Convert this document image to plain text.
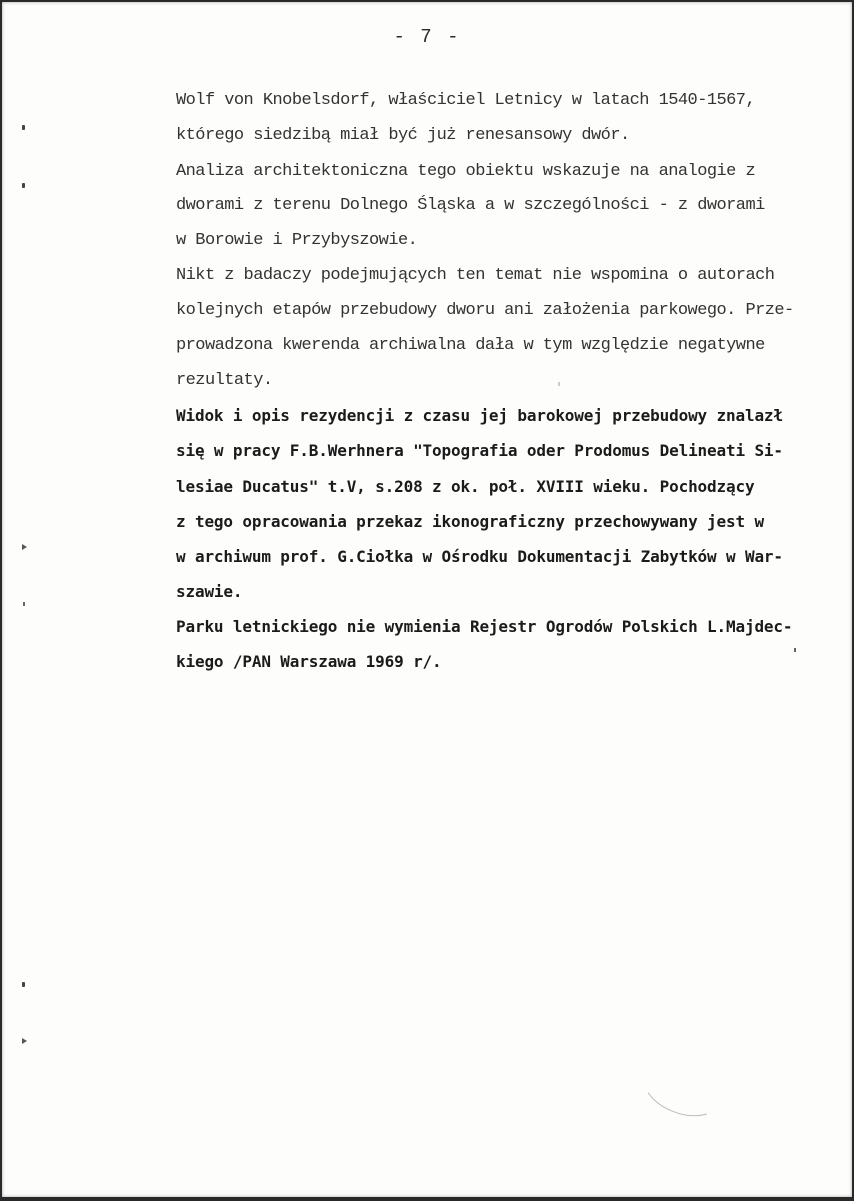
- 7 -
Wolf von Knobelsdorf, właściciel Letnicy w latach 1540-1567,
którego siedzibą miał być już renesansowy dwór.
Analiza architektoniczna tego obiektu wskazuje na analogie z
dworami z terenu Dolnego Śląska a w szczególności - z dworami
w Borowie i Przybyszowie.
Nikt z badaczy podejmujących ten temat nie wspomina o autorach
kolejnych etapów przebudowy dworu ani założenia parkowego. Prze-
prowadzona kwerenda archiwalna dała w tym względzie negatywne
rezultaty.
Widok i opis rezydencji z czasu jej barokowej przebudowy znalazł
się w pracy F.B.Werhnera "Topografia oder Prodomus Delineati Si-
lesiae Ducatus" t.V, s.208 z ok. poł. XVIII wieku. Pochodzący
z tego opracowania przekaz ikonograficzny przechowywany jest w
w archiwum prof. G.Ciołka w Ośrodku Dokumentacji Zabytków w War-
szawie.
Parku letnickiego nie wymienia Rejestr Ogrodów Polskich L.Majdec-
kiego /PAN Warszawa 1969 r/.
